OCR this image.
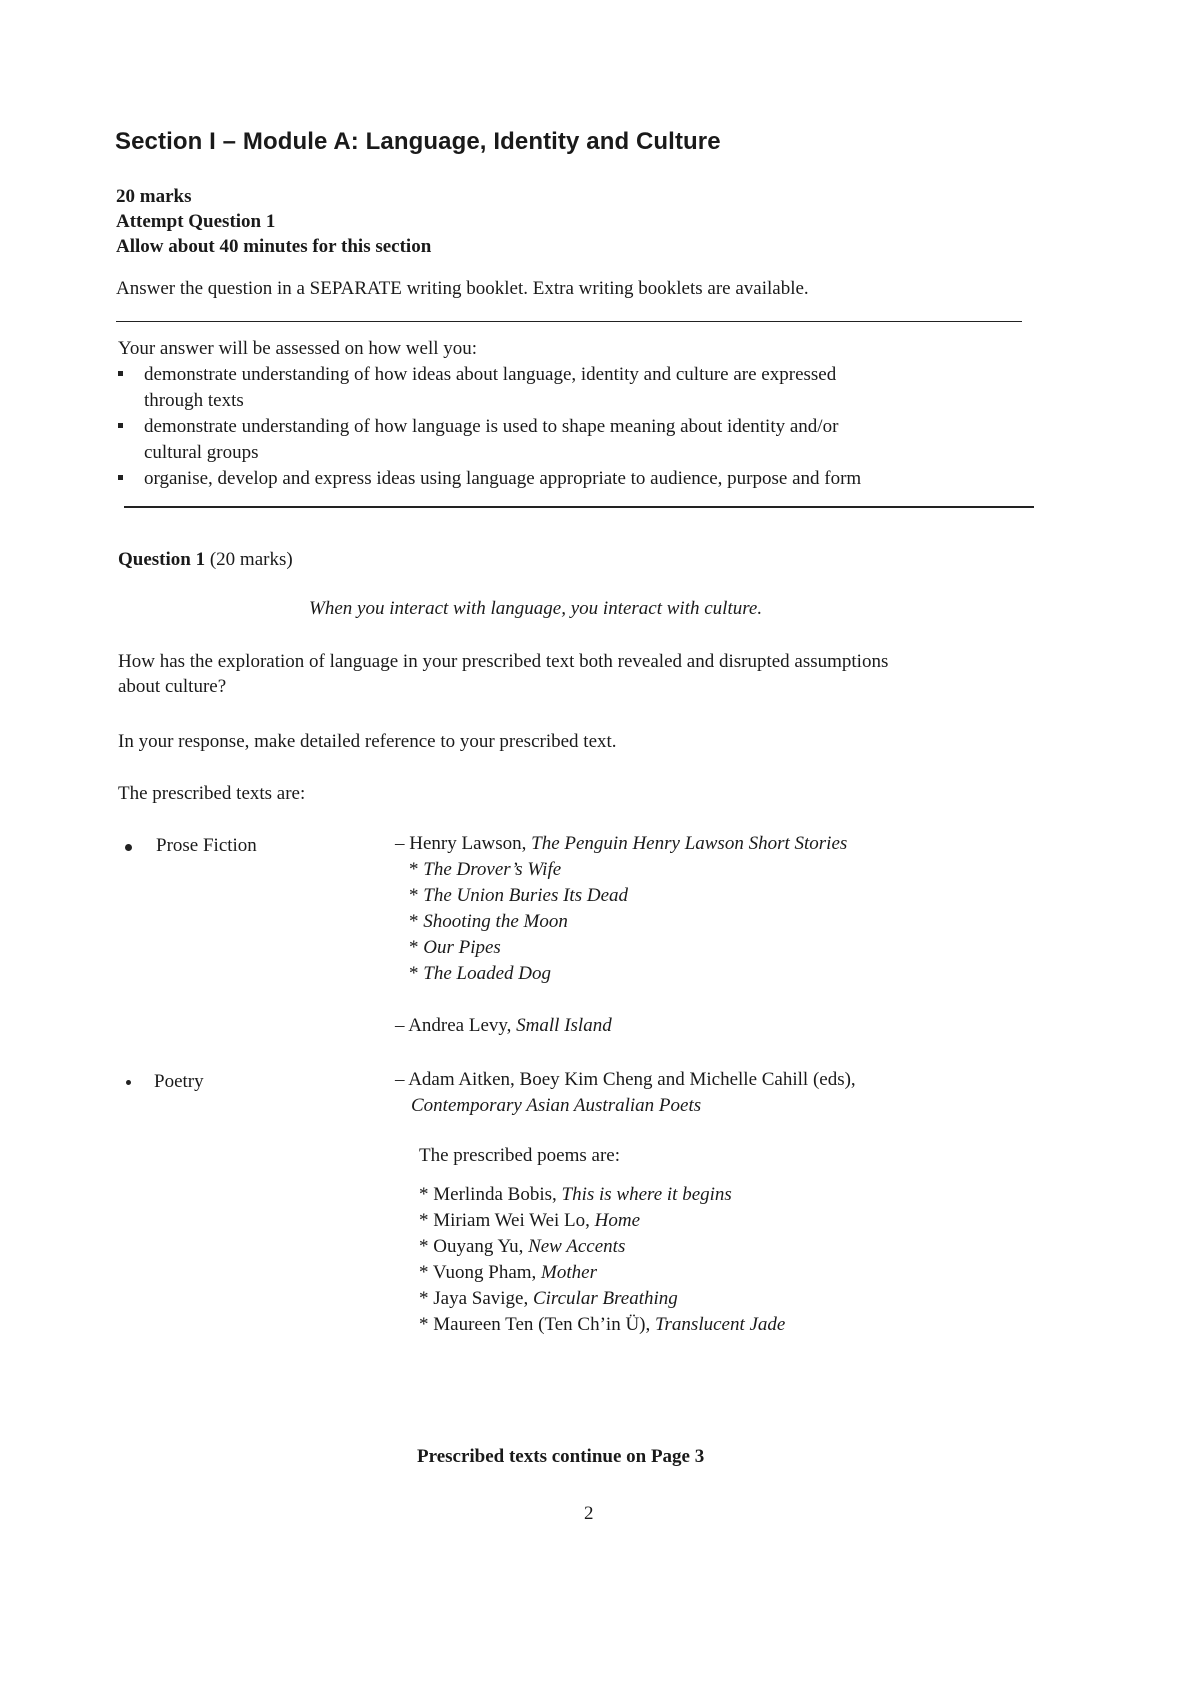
Section I – Module A: Language, Identity and Culture
20 marks
Attempt Question 1
Allow about 40 minutes for this section
Answer the question in a SEPARATE writing booklet. Extra writing booklets are available.
Your answer will be assessed on how well you:
demonstrate understanding of how ideas about language, identity and culture are expressed
through texts
demonstrate understanding of how language is used to shape meaning about identity and/or
cultural groups
organise, develop and express ideas using language appropriate to audience, purpose and form
Question 1 (20 marks)
When you interact with language, you interact with culture.
How has the exploration of language in your prescribed text both revealed and disrupted assumptions
about culture?
In your response, make detailed reference to your prescribed text.
The prescribed texts are:
Prose Fiction	– Henry Lawson, The Penguin Henry Lawson Short Stories
* The Drover’s Wife
* The Union Buries Its Dead
* Shooting the Moon
* Our Pipes
* The Loaded Dog
– Andrea Levy, Small Island
Poetry	– Adam Aitken, Boey Kim Cheng and Michelle Cahill (eds),
Contemporary Asian Australian Poets
The prescribed poems are:
* Merlinda Bobis, This is where it begins
* Miriam Wei Wei Lo, Home
* Ouyang Yu, New Accents
* Vuong Pham, Mother
* Jaya Savige, Circular Breathing
* Maureen Ten (Ten Ch’in Ü), Translucent Jade
Prescribed texts continue on Page 3
2
